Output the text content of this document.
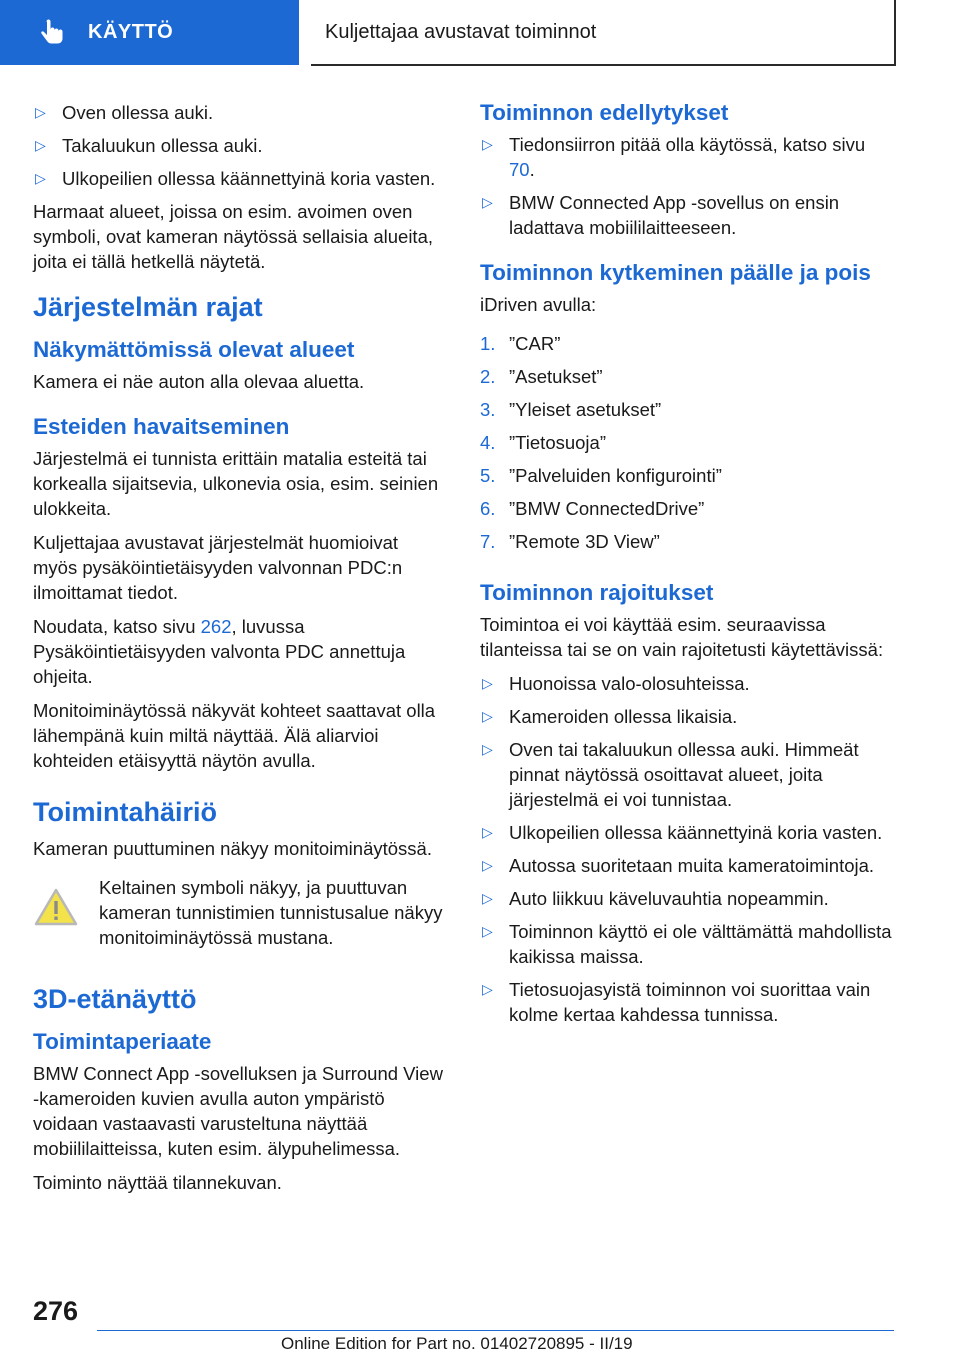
KÄYTTÖ	Kuljettajaa avustavat toiminnot
▷ Oven ollessa auki.
▷ Takaluukun ollessa auki.
▷ Ulkopeilien ollessa käännettyinä koria vasten.

Harmaat alueet, joissa on esim. avoimen oven symboli, ovat kameran näytössä sellaisia alueita, joita ei tällä hetkellä näytetä.

Järjestelmän rajat
Näkymättömissä olevat alueet

Kamera ei näe auton alla olevaa aluetta.

Esteiden havaitseminen

Järjestelmä ei tunnista erittäin matalia esteitä tai korkealla sijaitsevia, ulkonevia osia, esim. seinien ulokkeita.

Kuljettajaa avustavat järjestelmät huomioivat myös pysäköintietäisyyden valvonnan PDC:n ilmoittamat tiedot.

Noudata, katso sivu 262, luvussa Pysäköintietäisyyden valvonta PDC annettuja ohjeita.

Monitoiminäytössä näkyvät kohteet saattavat olla lähempänä kuin miltä näyttää. Älä aliarvioi kohteiden etäisyyttä näytön avulla.

Toimintahäiriö

Kameran puuttuminen näkyy monitoiminäytössä.

Keltainen symboli näkyy, ja puuttuvan kameran tunnistimien tunnistusalue näkyy monitoiminäytössä mustana.

3D-etänäyttö
Toimintaperiaate

BMW Connect App -sovelluksen ja Surround View -kameroiden kuvien avulla auton ympäristö voidaan vastaavasti varusteltuna näyttää mobiililaitteissa, kuten esim. älypuhelimessa.

Toiminto näyttää tilannekuvan.

Toiminnon edellytykset
▷ Tiedonsiirron pitää olla käytössä, katso sivu 70.
▷ BMW Connected App -sovellus on ensin ladattava mobiililaitteeseen.
Toiminnon kytkeminen päälle ja pois

iDriven avulla:

1. ”CAR”
2. ”Asetukset”
3. ”Yleiset asetukset”
4. ”Tietosuoja”
5. ”Palveluiden konfigurointi”
6. ”BMW ConnectedDrive”
7. ”Remote 3D View”
Toiminnon rajoitukset

Toimintoa ei voi käyttää esim. seuraavissa tilanteissa tai se on vain rajoitetusti käytettävissä:

▷ Huonoissa valo-olosuhteissa.
▷ Kameroiden ollessa likaisia.
▷ Oven tai takaluukun ollessa auki. Himmeät pinnat näytössä osoittavat alueet, joita järjestelmä ei voi tunnistaa.
▷ Ulkopeilien ollessa käännettyinä koria vasten.
▷ Autossa suoritetaan muita kameratoimintoja.
▷ Auto liikkuu käveluvauhtia nopeammin.
▷ Toiminnon käyttö ei ole välttämättä mahdollista kaikissa maissa.
▷ Tietosuojasyistä toiminnon voi suorittaa vain kolme kertaa kahdessa tunnissa.
276
Online Edition for Part no. 01402720895 - II/19
